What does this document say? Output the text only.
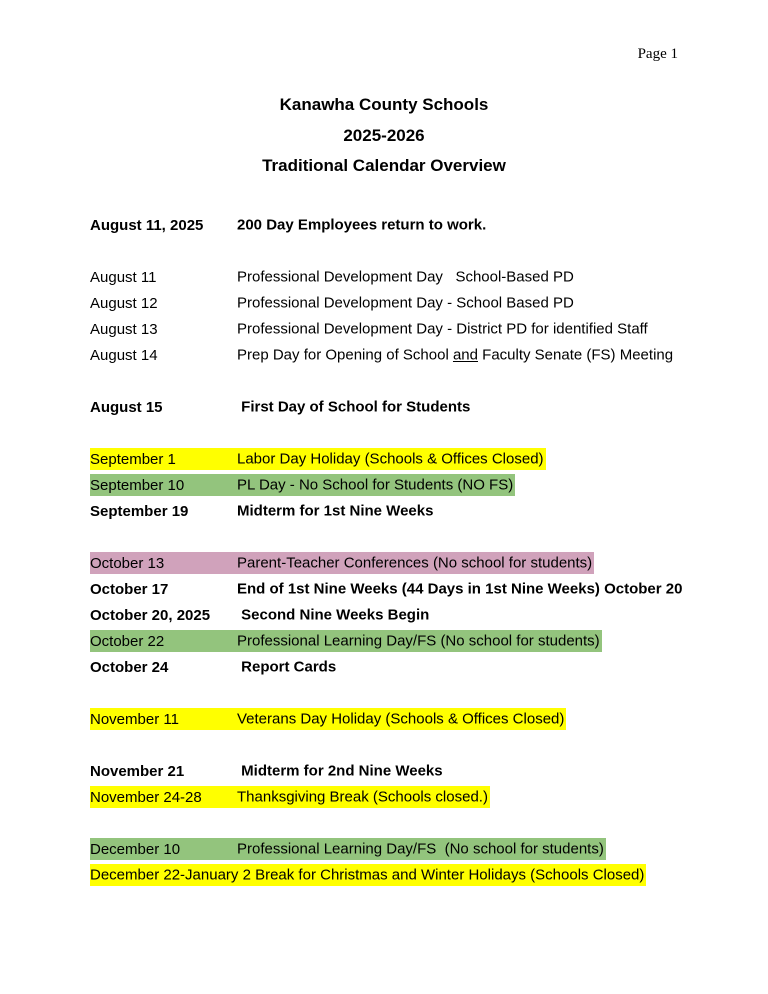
Page 1
Kanawha County Schools
2025-2026
Traditional Calendar Overview
August 11, 2025 200 Day Employees return to work.
August 11	Professional Development Day   School-Based PD
August 12	Professional Development Day - School Based PD
August 13	Professional Development Day - District PD for identified Staff
August 14	Prep Day for Opening of School and Faculty Senate (FS) Meeting
August 15	First Day of School for Students
September 1	Labor Day Holiday (Schools & Offices Closed)
September 10	PL Day - No School for Students (NO FS)
September 19	Midterm for 1st Nine Weeks
October 13	Parent-Teacher Conferences (No school for students)
October 17	End of 1st Nine Weeks (44 Days in 1st Nine Weeks) October 20
October 20, 2025 Second Nine Weeks Begin
October 22	Professional Learning Day/FS (No school for students)
October 24	Report Cards
November 11	Veterans Day Holiday (Schools & Offices Closed)
November 21	Midterm for 2nd Nine Weeks
November 24-28 Thanksgiving Break (Schools closed.)
December 10	Professional Learning Day/FS  (No school for students)
December 22-January 2 Break for Christmas and Winter Holidays (Schools Closed)
